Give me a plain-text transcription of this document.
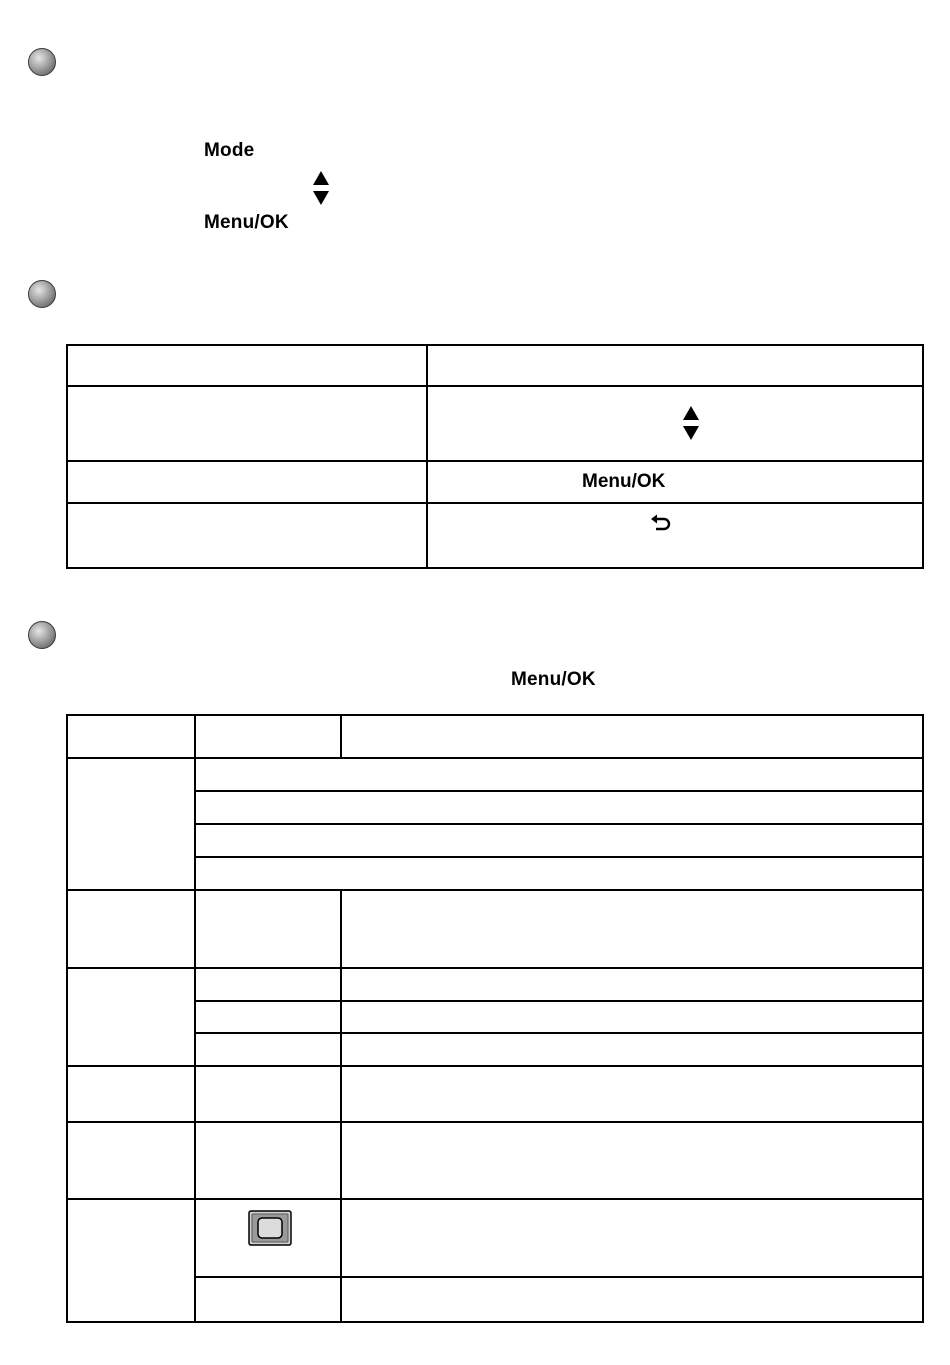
Mode
Menu/OK

	Menu/OK

Menu/OK
